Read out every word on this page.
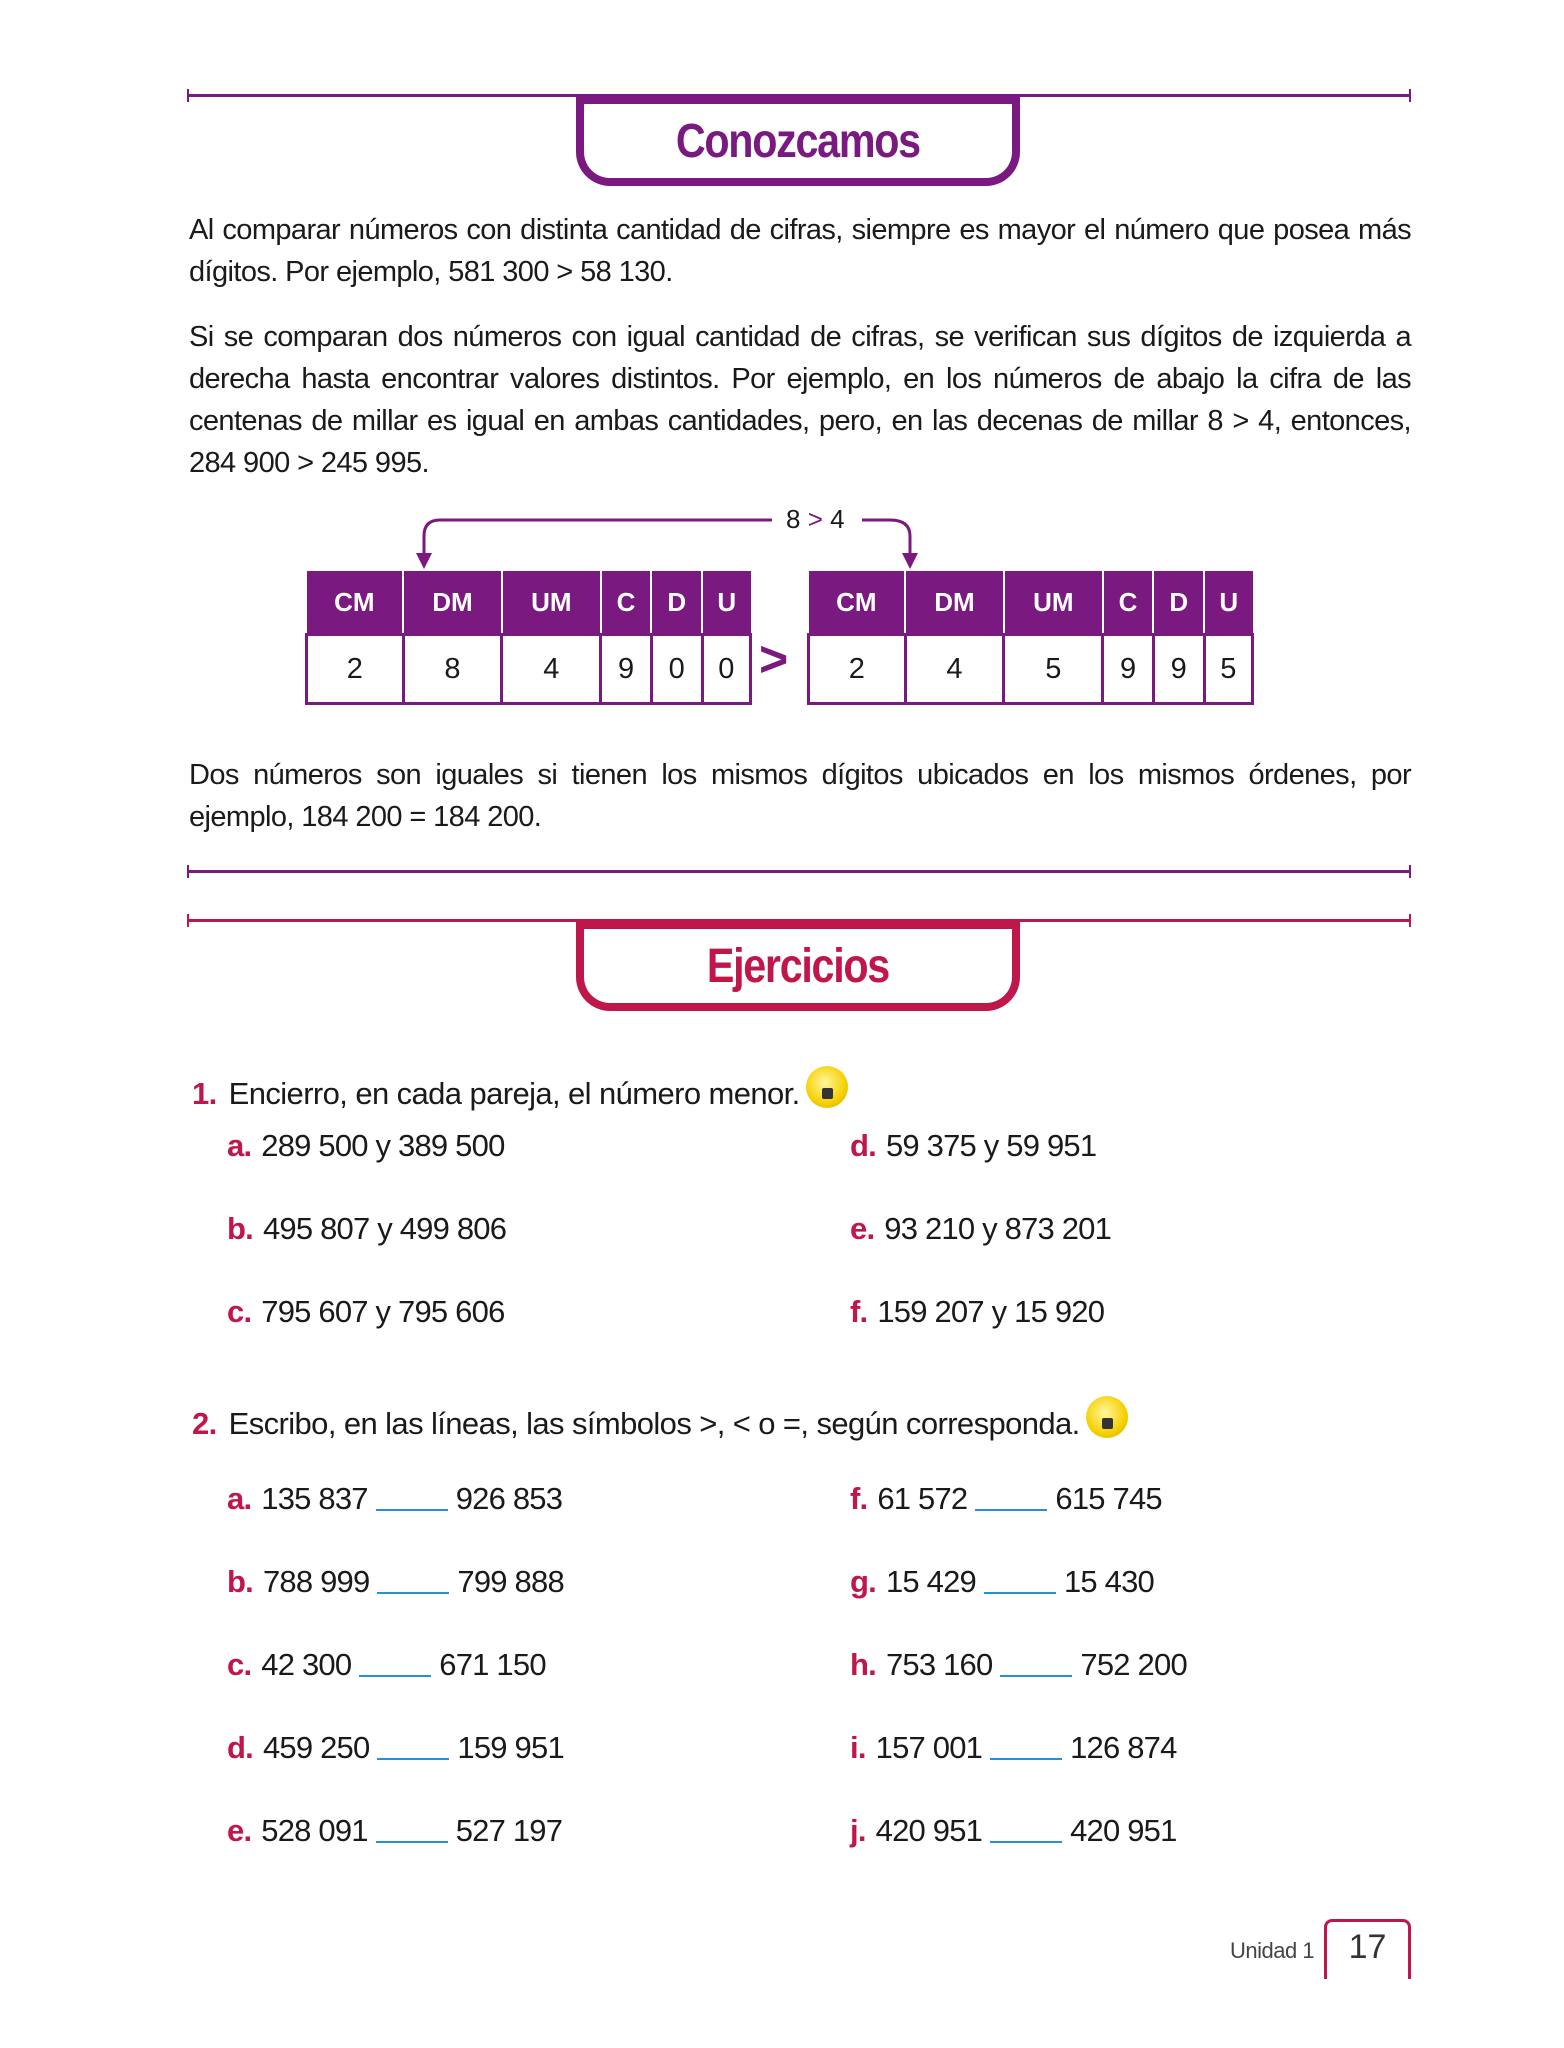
Conozcamos

Al comparar números con distinta cantidad de cifras, siempre es mayor el número que posea más dígitos. Por ejemplo, 581 300 > 58 130.

Si se comparan dos números con igual cantidad de cifras, se verifican sus dígitos de izquierda a derecha hasta encontrar valores distintos. Por ejemplo, en los números de abajo la cifra de las centenas de millar es igual en ambas cantidades, pero, en las decenas de millar 8 > 4, entonces, 284 900 > 245 995.

8 > 4
CM	DM	UM	C	D	U
2	8	4	9	0	0 >
CM	DM	UM	C	D	U
2	4	5	9	9	5

Dos números son iguales si tienen los mismos dígitos ubicados en los mismos órdenes, por ejemplo, 184 200 = 184 200.

Ejercicios
1. Encierro, en cada pareja, el número menor.
a. 289 500 y 389 500
b. 495 807 y 499 806
c. 795 607 y 795 606
d. 59 375 y 59 951
e. 93 210 y 873 201
f. 159 207 y 15 920
2. Escribo, en las líneas, las símbolos >, < o =, según corresponda.
a. 135 837	926 853
b. 788 999	799 888
c. 42 300	671 150
d. 459 250	159 951
e. 528 091	527 197
f. 61 572	615 745
g. 15 429	15 430
h. 753 160	752 200
i. 157 001	126 874
j. 420 951	420 951
Unidad 1	17
